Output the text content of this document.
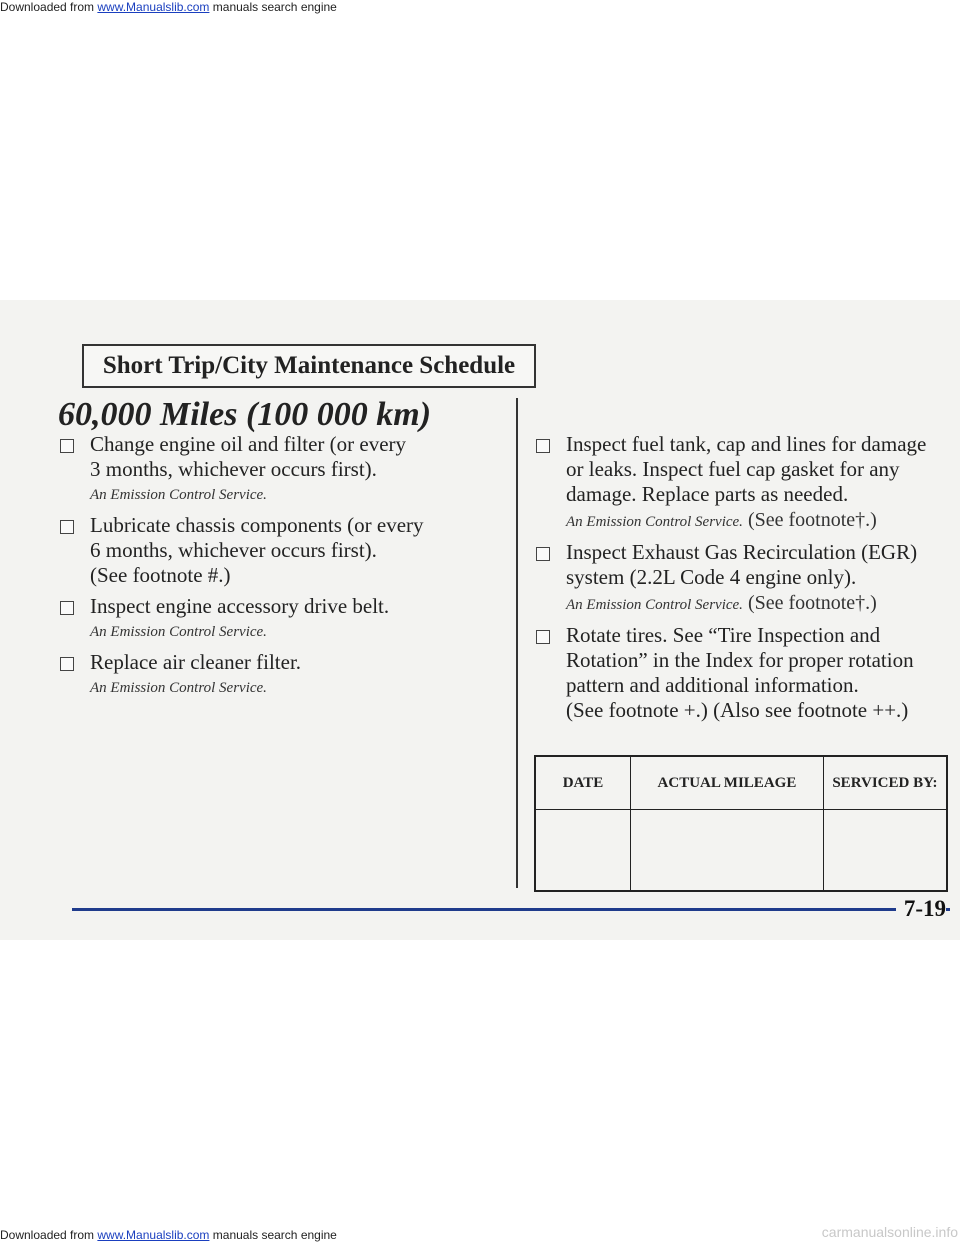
Downloaded from www.Manualslib.com manuals search engine
Short Trip/City Maintenance Schedule
60,000 Miles (100 000 km)
Change engine oil and filter (or every
3 months, whichever occurs first).
An Emission Control Service.
Lubricate chassis components (or every
6 months, whichever occurs first).
(See footnote #.)
Inspect engine accessory drive belt.
An Emission Control Service.
Replace air cleaner filter.
An Emission Control Service.
Inspect fuel tank, cap and lines for damage
or leaks. Inspect fuel cap gasket for any
damage. Replace parts as needed.
An Emission Control Service. (See footnote†.)
Inspect Exhaust Gas Recirculation (EGR)
system (2.2L Code 4 engine only).
An Emission Control Service. (See footnote†.)
Rotate tires. See “Tire Inspection and
Rotation” in the Index for proper rotation
pattern and additional information.
(See footnote +.) (Also see footnote ++.)
DATE	ACTUAL MILEAGE	SERVICED BY:

7-19
Downloaded from www.Manualslib.com manuals search engine	carmanualsonline.info
